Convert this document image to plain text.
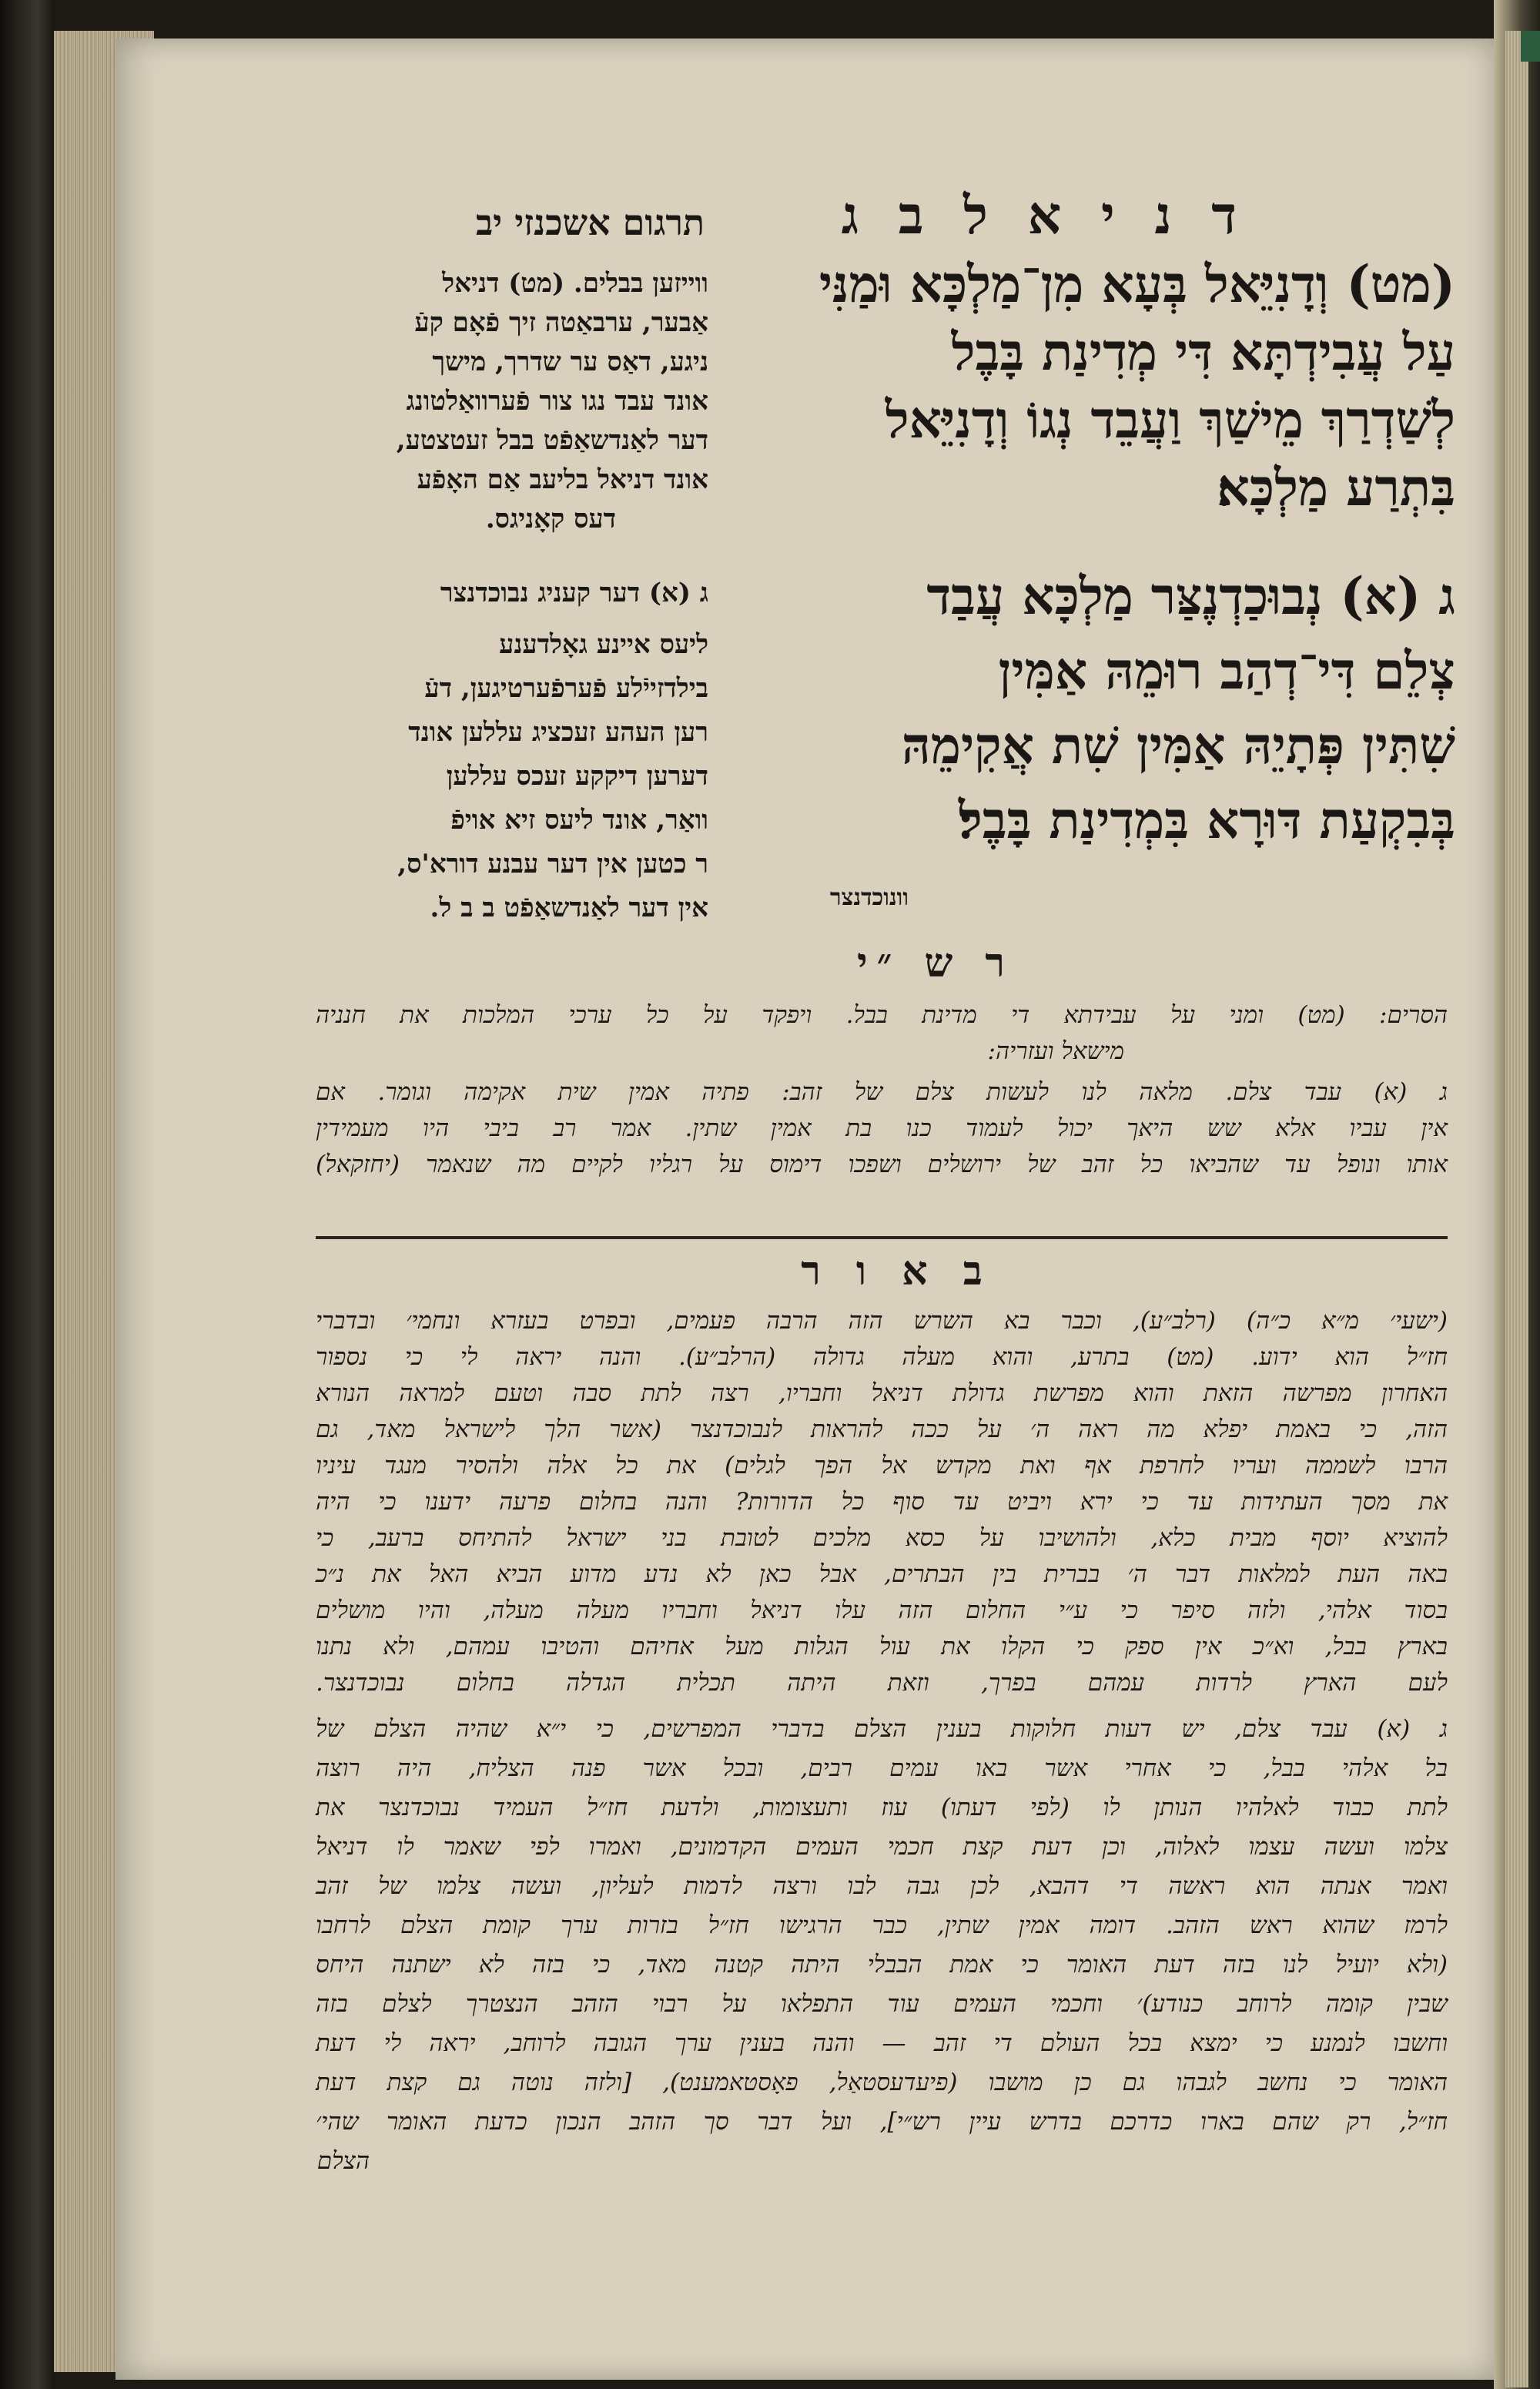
ד נ י א ל ב ג
תרגום אשכנזי יב
ווייזען בבלים. (מט) דניאל
אַבער, ערבאַטה זיך פֿאָם קעֿ
ניגע, דאַס ער שדרך, מישך
אונד עבד נגו צור פֿערוואַלטונג
דער לאַנדשאַפֿט בבל זעטצטע,
אונד דניאל בליעב אַם האָפֿע
דעס קאָניגס.
ג (א) דער קעניג נבוכדנצר
ליעס איינע גאָלדענע
בילדזייֿלע פֿערפֿערטיגען, דעֿ
רען העהע זעכציג עללען אונד
דערען דיקקע זעכס עללען
וואַר, אונד ליעס זיא אויפֿ
ר כטען אין דער עבנע דורא'ס,
אין דער לאַנדשאַפֿט ב ב ל.
(מט) וְדָנִיֵּאל בְּעָא מִן־מַלְכָּא וּמַנִּי
עַל עֲבִידְתָּא דִּי מְדִינַת בָּבֶל
לְשַׁדְרַךְ מֵישַׁךְ וַעֲבֵד נְגוֹ וְדָנִיֵּאל
בִּתְרַע מַלְכָּא׃
ג (א) נְבוּכַדְנֶצַּר מַלְכָּא עֲבַד
צְלֵם דִּי־דְהַב רוּמֵהּ אַמִּין
שִׁתִּין פְּתָיֵהּ אַמִּין שִׁת אֲקִימֵהּ
בְּבִקְעַת דּוּרָא בִּמְדִינַת בָּבֶל׃
וונוכדנצר
ר ש ״י
הסרים: (מט) ומני על עבידתא די מדינת בבל. ויפקד על כל ערכי המלכות את חנניה
מישאל ועזריה:
ג (א) עבד צלם. מלאה לנו לעשות צלם של זהב: פתיה אמין שית אקימה וגומר. אם
אין עביו אלא שש היאך יכול לעמוד כנו בת אמין שתין. אמר רב ביבי היו מעמידין
אותו ונופל עד שהביאו כל זהב של ירושלים ושפכו דימוס על רגליו לקיים מה שנאמר (יחזקאל)
ב א ו ר
(ישעי׳ מ״א כ״ה) (רלב״ע), וכבר בא השרש הזה הרבה פעמים, ובפרט בעזרא ונחמי׳ ובדברי
חז״ל הוא ידוע. (מט) בתרע, והוא מעלה גדולה (הרלב״ע). והנה יראה לי כי נספור
האחרון מפרשה הזאת והוא מפרשת גדולת דניאל וחבריו, רצה לתת סבה וטעם למראה הנורא
הזה, כי באמת יפלא מה ראה ה׳ על ככה להראות לנבוכדנצר (אשר הלך לישראל מאד, גם
הרבו לשממה ועריו לחרפת אף ואת מקדש אל הפך לגלים) את כל אלה ולהסיר מנגד עיניו
את מסך העתידות עד כי ירא ויביט עד סוף כל הדורות? והנה בחלום פרעה ידענו כי היה
להוציא יוסף מבית כלא, ולהושיבו על כסא מלכים לטובת בני ישראל להתיחס ברעב, כי
באה העת למלאות דבר ה׳ בברית בין הבתרים, אבל כאן לא נדע מדוע הביא האל את נ״כ
בסוד אלהי, ולזה סיפר כי ע״י החלום הזה עלו דניאל וחבריו מעלה מעלה, והיו מושלים
בארץ בבל, וא״כ אין ספק כי הקלו את עול הגלות מעל אחיהם והטיבו עמהם, ולא נתנו
לעם הארץ לרדות עמהם בפרך, וזאת היתה תכלית הגדלה בחלום נבוכדנצר.
ג (א) עבד צלם, יש דעות חלוקות בענין הצלם בדברי המפרשים, כי י״א שהיה הצלם של
בל אלהי בבל, כי אחרי אשר באו עמים רבים, ובכל אשר פנה הצליח, היה רוצה
לתת כבוד לאלהיו הנותן לו (לפי דעתו) עוז ותעצומות, ולדעת חז״ל העמיד נבוכדנצר את
צלמו ועשה עצמו לאלוה, וכן דעת קצת חכמי העמים הקדמונים, ואמרו לפי שאמר לו דניאל
ואמר אנתה הוא ראשה די דהבא, לכן גבה לבו ורצה לדמות לעליון, ועשה צלמו של זהב
לרמז שהוא ראש הזהב. דומה אמין שתין, כבר הרגישו חז״ל בזרות ערך קומת הצלם לרחבו
(ולא יועיל לנו בזה דעת האומר כי אמת הבבלי היתה קטנה מאד, כי בזה לא ישתנה היחס
שבין קומה לרוחב כנודע)׳ וחכמי העמים עוד התפלאו על רבוי הזהב הנצטרך לצלם בזה
וחשבו לנמנע כי ימצא בכל העולם די זהב — והנה בענין ערך הגובה לרוחב, יראה לי דעת
האומר כי נחשב לגבהו גם כן מושבו (פיעדעסטאַל, פאָסטאמענט), [ולזה נוטה גם קצת דעת
חז״ל, רק שהם בארו כדרכם בדרש עיין רש״י], ועל דבר סך הזהב הנכון כדעת האומר שהי׳
הצלם
